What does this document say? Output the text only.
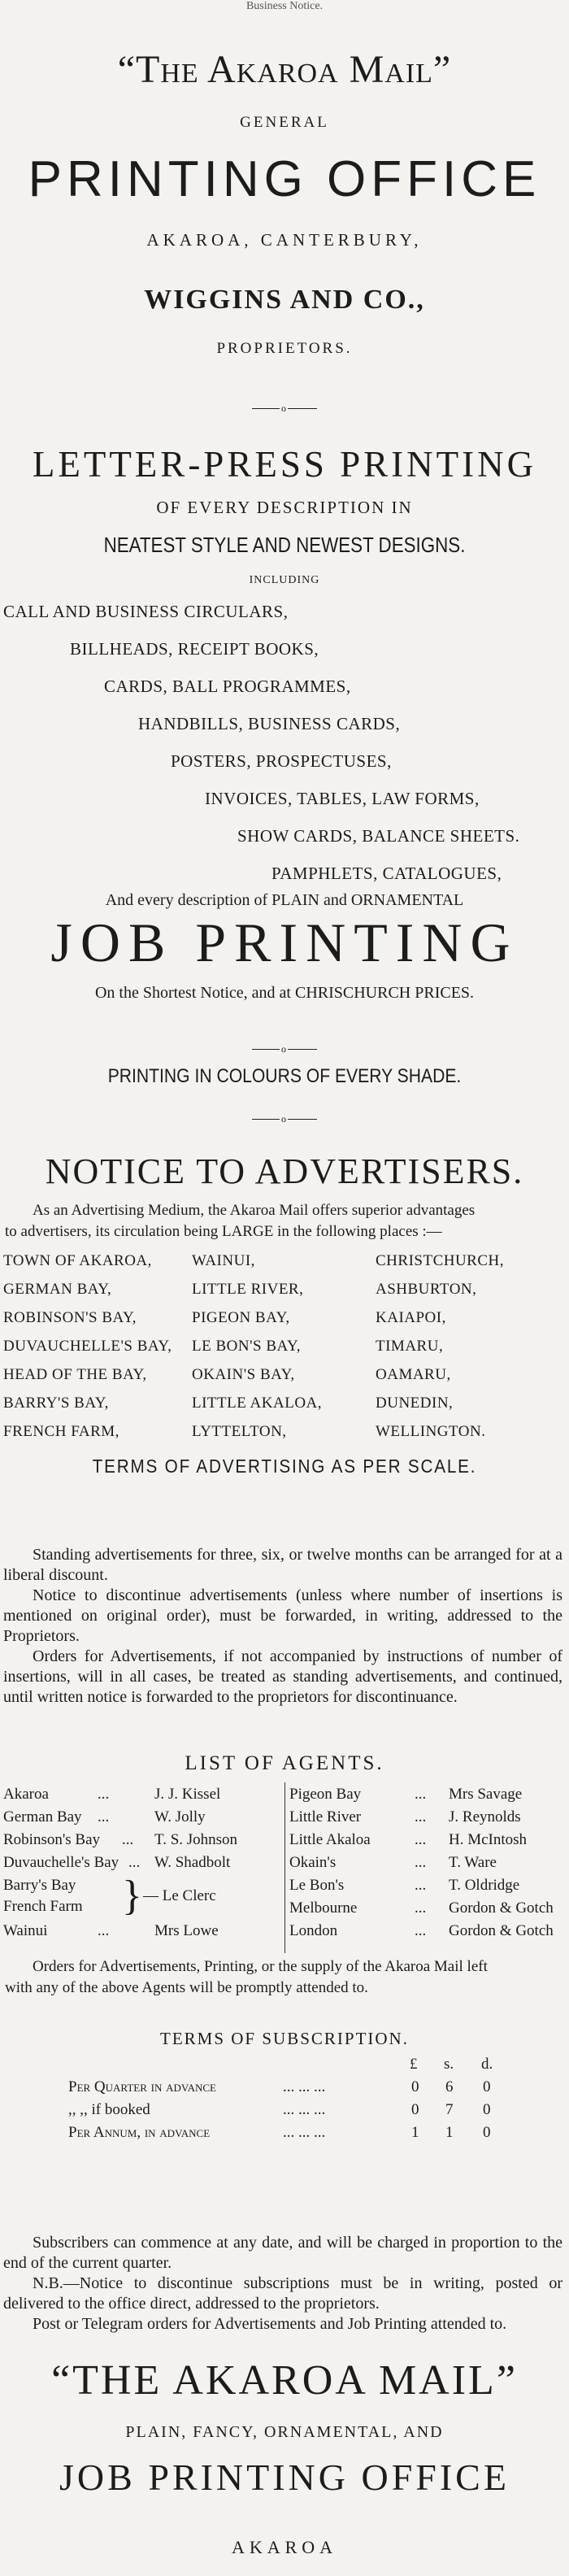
Business Notice.
“The Akaroa Mail”
GENERAL
PRINTING OFFICE
AKAROA, CANTERBURY,
WIGGINS AND CO.,
PROPRIETORS.
o
LETTER-PRESS PRINTING
OF EVERY DESCRIPTION IN
NEATEST STYLE AND NEWEST DESIGNS.
INCLUDING
CALL AND BUSINESS CIRCULARS,
BILLHEADS, RECEIPT BOOKS,
CARDS, BALL PROGRAMMES,
HANDBILLS, BUSINESS CARDS,
POSTERS, PROSPECTUSES,
INVOICES, TABLES, LAW FORMS,
SHOW CARDS, BALANCE SHEETS.
PAMPHLETS, CATALOGUES,
And every description of PLAIN and ORNAMENTAL
JOB PRINTING
On the Shortest Notice, and at CHRISCHURCH PRICES.
o
PRINTING IN COLOURS OF EVERY SHADE.
o
NOTICE TO ADVERTISERS.
As an Advertising Medium, the Akaroa Mail offers superior advantages
to advertisers, its circulation being LARGE in the following places :—
TOWN OF AKAROA,	WAINUI,	CHRISTCHURCH,
GERMAN BAY,	LITTLE RIVER,	ASHBURTON,
ROBINSON'S BAY,	PIGEON BAY,	KAIAPOI,
DUVAUCHELLE'S BAY, LE BON'S BAY,	TIMARU,
HEAD OF THE BAY,	OKAIN'S BAY,	OAMARU,
BARRY'S BAY,	LITTLE AKALOA,	DUNEDIN,
FRENCH FARM,	LYTTELTON,	WELLINGTON.
TERMS OF ADVERTISING AS PER SCALE.
Standing advertisements for three, six, or twelve months can be arranged for at a liberal discount.
Notice to discontinue advertisements (unless where number of insertions is mentioned on original order), must be forwarded, in writing, addressed to the Proprietors.
Orders for Advertisements, if not accompanied by instructions of number of insertions, will in all cases, be treated as standing advertisements, and continued, until written notice is forwarded to the proprietors for discontinuance.
LIST OF AGENTS.
Akaroa	...	J. J. Kissel
German Bay ...	W. Jolly
Robinson's Bay ... T. S. Johnson
Duvauchelle's Bay ... W. Shadbolt
Barry's Bay
French Farm } — Le Clerc
Wainui	...	Mrs Lowe
Pigeon Bay	... Mrs Savage
Little River	... J. Reynolds
Little Akaloa	... H. McIntosh
Okain's	... T. Ware
Le Bon's	... T. Oldridge
Melbourne	... Gordon & Gotch
London	... Gordon & Gotch
Orders for Advertisements, Printing, or the supply of the Akaroa Mail left
with any of the above Agents will be promptly attended to.
TERMS OF SUBSCRIPTION.
£ s. d.
Per Quarter in advance	... ... ...	0 6 0
,, ,, if booked	... ... ...	0 7 0
Per Annum, in advance	... ... ...	1 1 0
Subscribers can commence at any date, and will be charged in proportion to the end of the current quarter.
N.B.—Notice to discontinue subscriptions must be in writing, posted or delivered to the office direct, addressed to the proprietors.
Post or Telegram orders for Advertisements and Job Printing attended to.
“THE AKAROA MAIL”
PLAIN, FANCY, ORNAMENTAL, AND
JOB PRINTING OFFICE
AKAROA
